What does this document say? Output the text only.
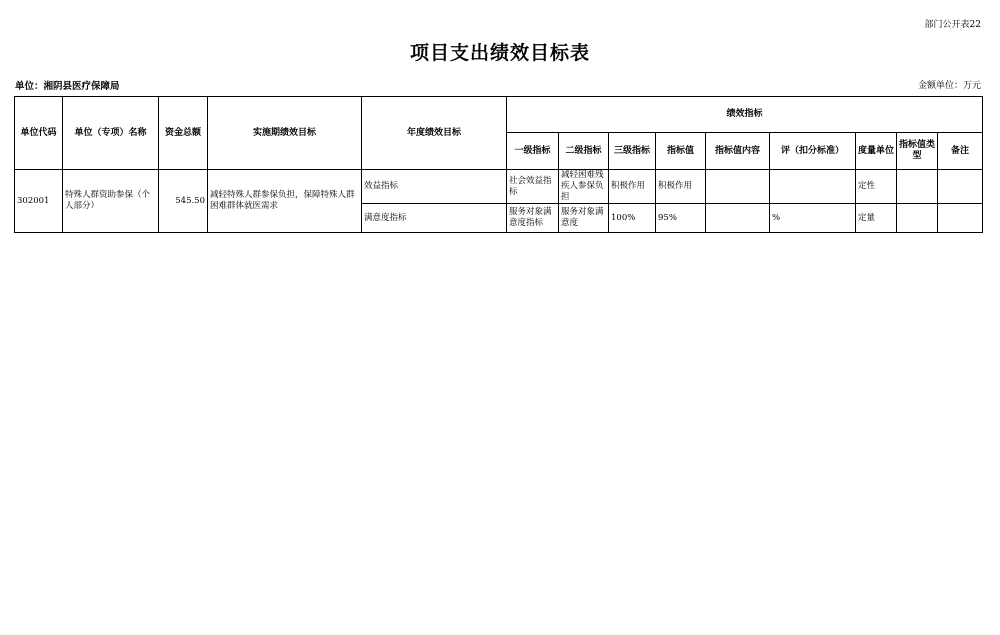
部门公开表22
项目支出绩效目标表
单位：湘阴县医疗保障局	金额单位：万元
单位代码	单位（专项）名称	资金总额	实施期绩效目标	年度绩效目标	绩效指标								
					一级指标	二级指标	三级指标	指标值	指标值内容	评（扣分标准）	度量单位	指标值类型	备注
302001	特殊人群资助参保（个人部分）	545.50	减轻特殊人群参保负担，保障特殊人群困难群体就医需求	效益指标	社会效益指标	减轻困难残疾人参保负担	积极作用	积极作用			定性		
				满意度指标	服务对象满意度指标	服务对象满意度	100%	95%		%	定量		
